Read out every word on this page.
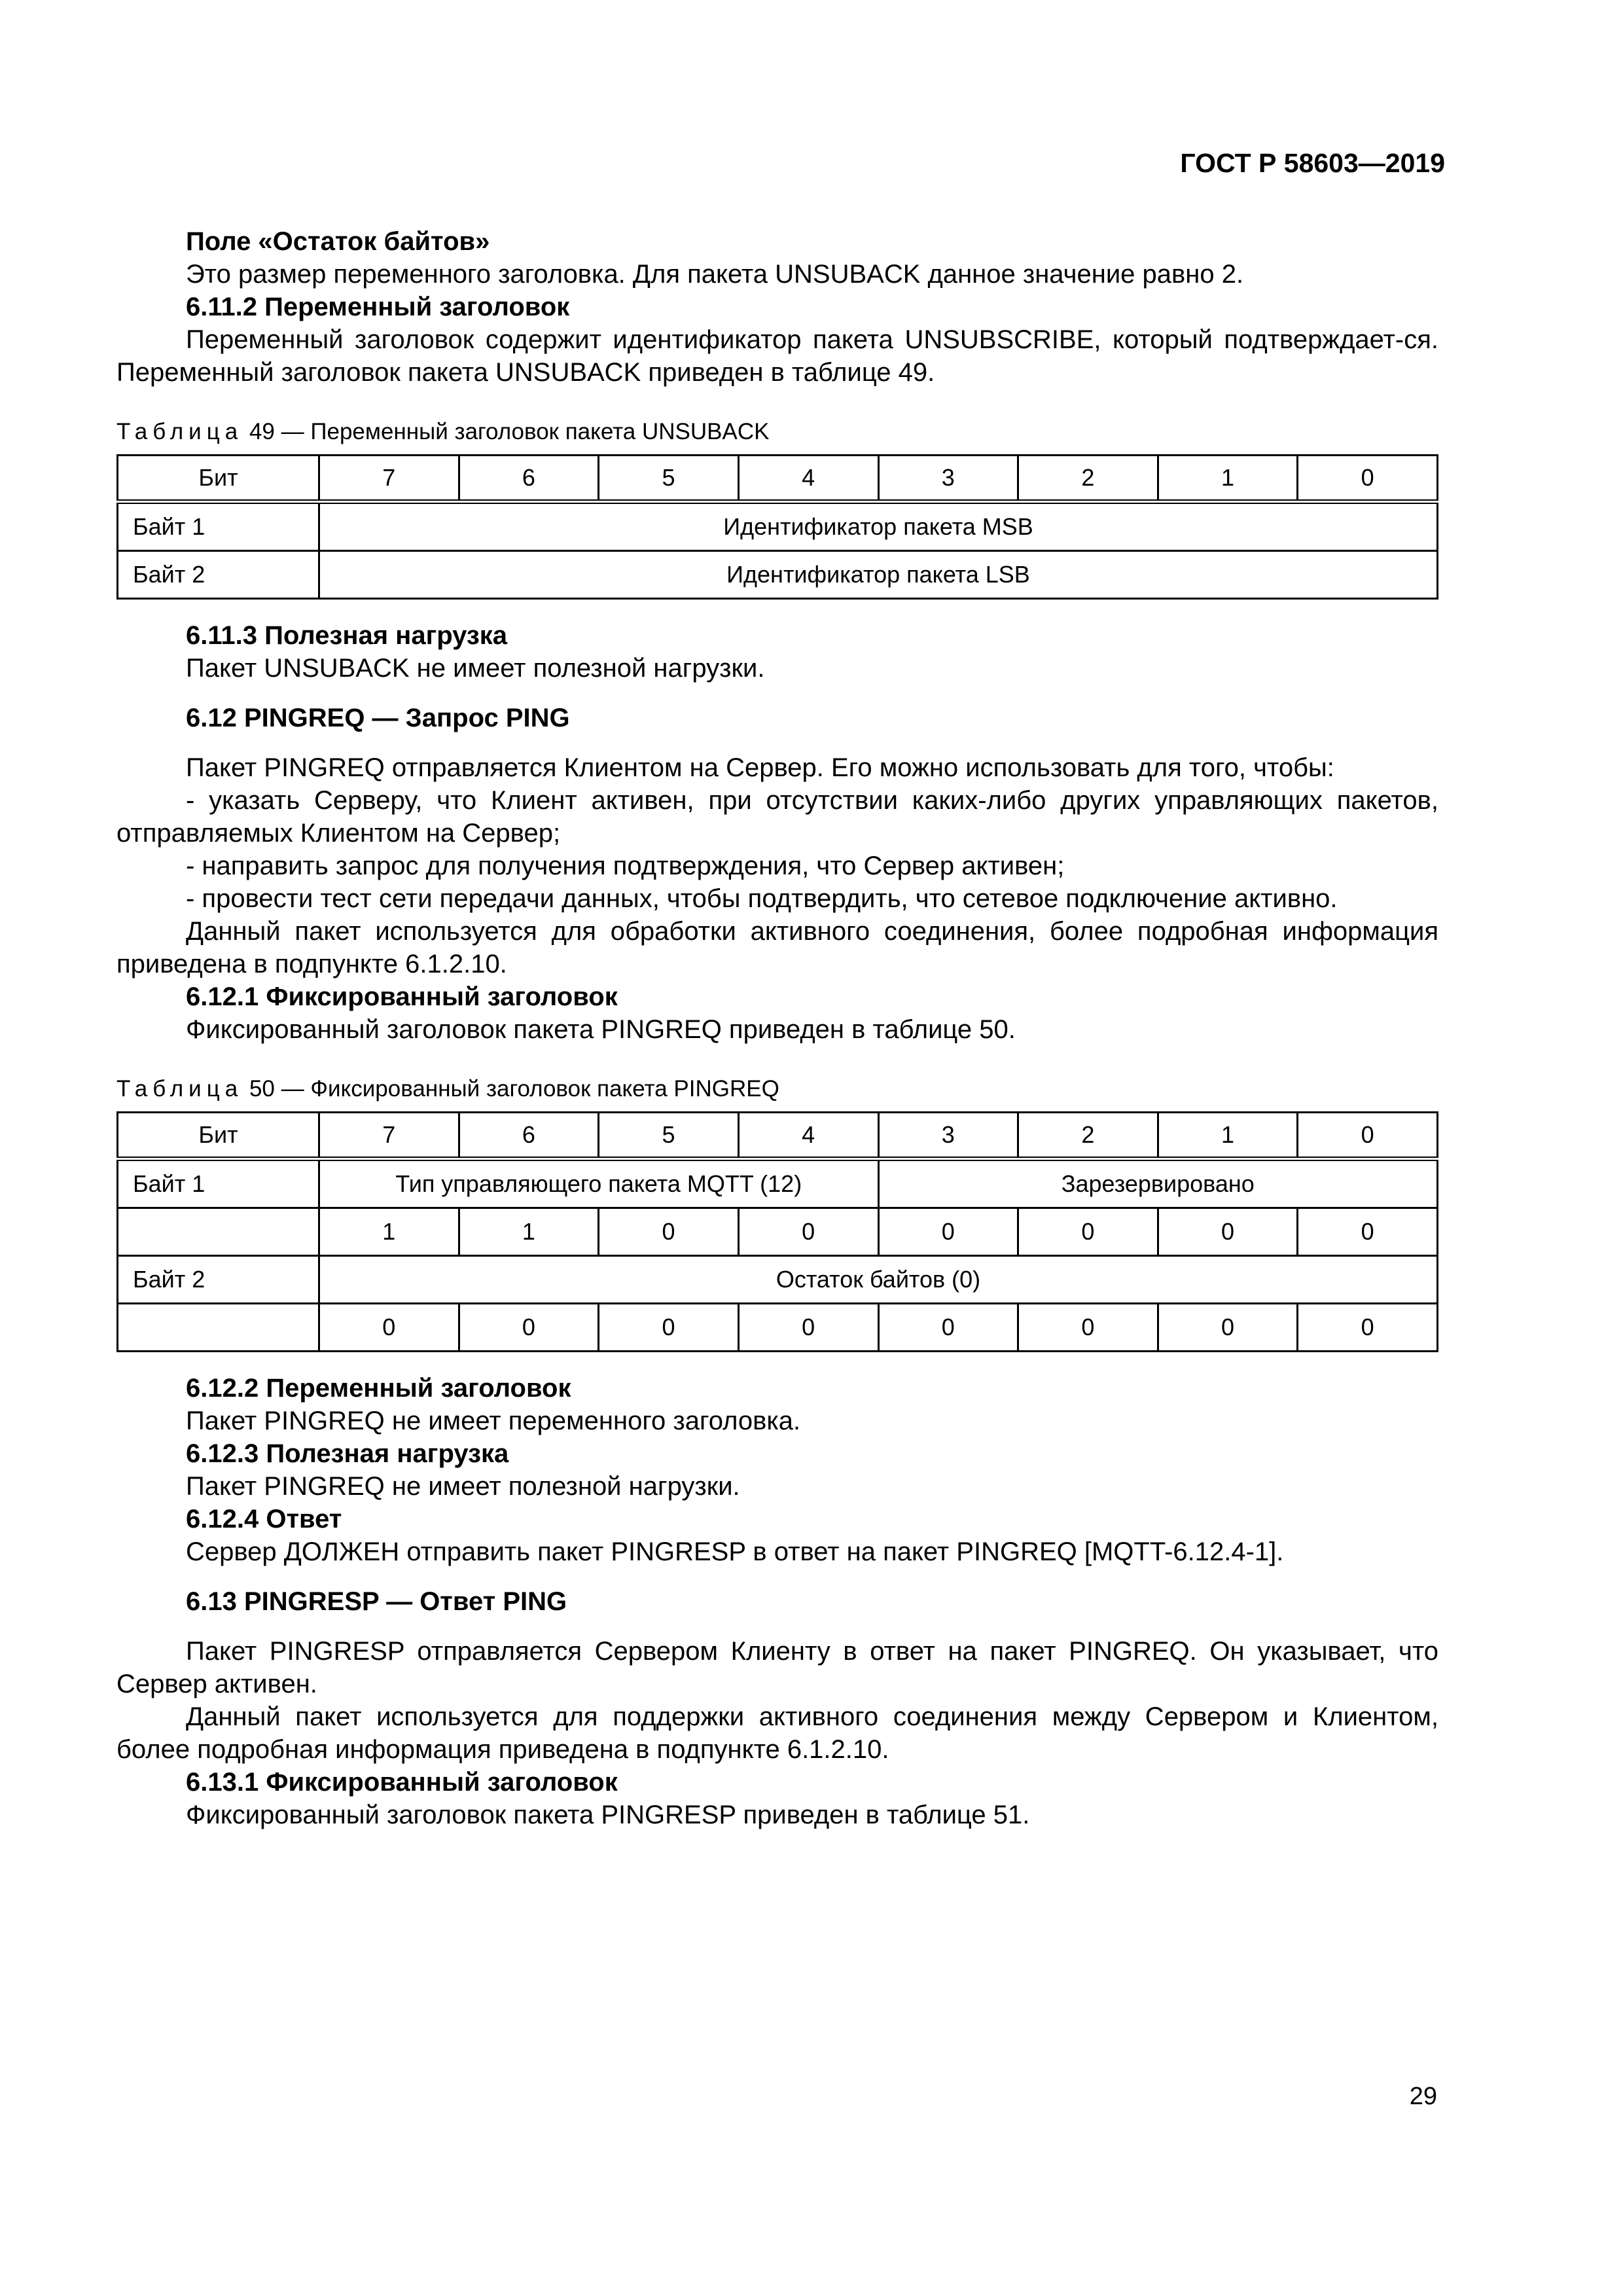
ГОСТ Р 58603—2019

Поле «Остаток байтов»

Это размер переменного заголовка. Для пакета UNSUBACK данное значение равно 2.

6.11.2 Переменный заголовок

Переменный заголовок содержит идентификатор пакета UNSUBSCRIBE, который подтверждает-ся. Переменный заголовок пакета UNSUBACK приведен в таблице 49.

Таблица 49 — Переменный заголовок пакета UNSUBACK
Бит	7	6	5	4	3	2	1	0
Байт 1	Идентификатор пакета MSB							
Байт 2	Идентификатор пакета LSB							

6.11.3 Полезная нагрузка

Пакет UNSUBACK не имеет полезной нагрузки.

6.12 PINGREQ — Запрос PING

Пакет PINGREQ отправляется Клиентом на Сервер. Его можно использовать для того, чтобы:

- указать Серверу, что Клиент активен, при отсутствии каких-либо других управляющих пакетов, отправляемых Клиентом на Сервер;

- направить запрос для получения подтверждения, что Сервер активен;

- провести тест сети передачи данных, чтобы подтвердить, что сетевое подключение активно.

Данный пакет используется для обработки активного соединения, более подробная информация приведена в подпункте 6.1.2.10.

6.12.1 Фиксированный заголовок

Фиксированный заголовок пакета PINGREQ приведен в таблице 50.

Таблица 50 — Фиксированный заголовок пакета PINGREQ
Бит	7	6	5	4	3	2	1	0
Байт 1	Тип управляющего пакета MQTT (12)				Зарезервировано			
	1	1	0	0	0	0	0	0
Байт 2	Остаток байтов (0)							
	0	0	0	0	0	0	0	0

6.12.2 Переменный заголовок

Пакет PINGREQ не имеет переменного заголовка.

6.12.3 Полезная нагрузка

Пакет PINGREQ не имеет полезной нагрузки.

6.12.4 Ответ

Сервер ДОЛЖЕН отправить пакет PINGRESP в ответ на пакет PINGREQ [MQTT-6.12.4-1].

6.13 PINGRESP — Ответ PING

Пакет PINGRESP отправляется Сервером Клиенту в ответ на пакет PINGREQ. Он указывает, что Сервер активен.

Данный пакет используется для поддержки активного соединения между Сервером и Клиентом, более подробная информация приведена в подпункте 6.1.2.10.

6.13.1 Фиксированный заголовок

Фиксированный заголовок пакета PINGRESP приведен в таблице 51.

29
